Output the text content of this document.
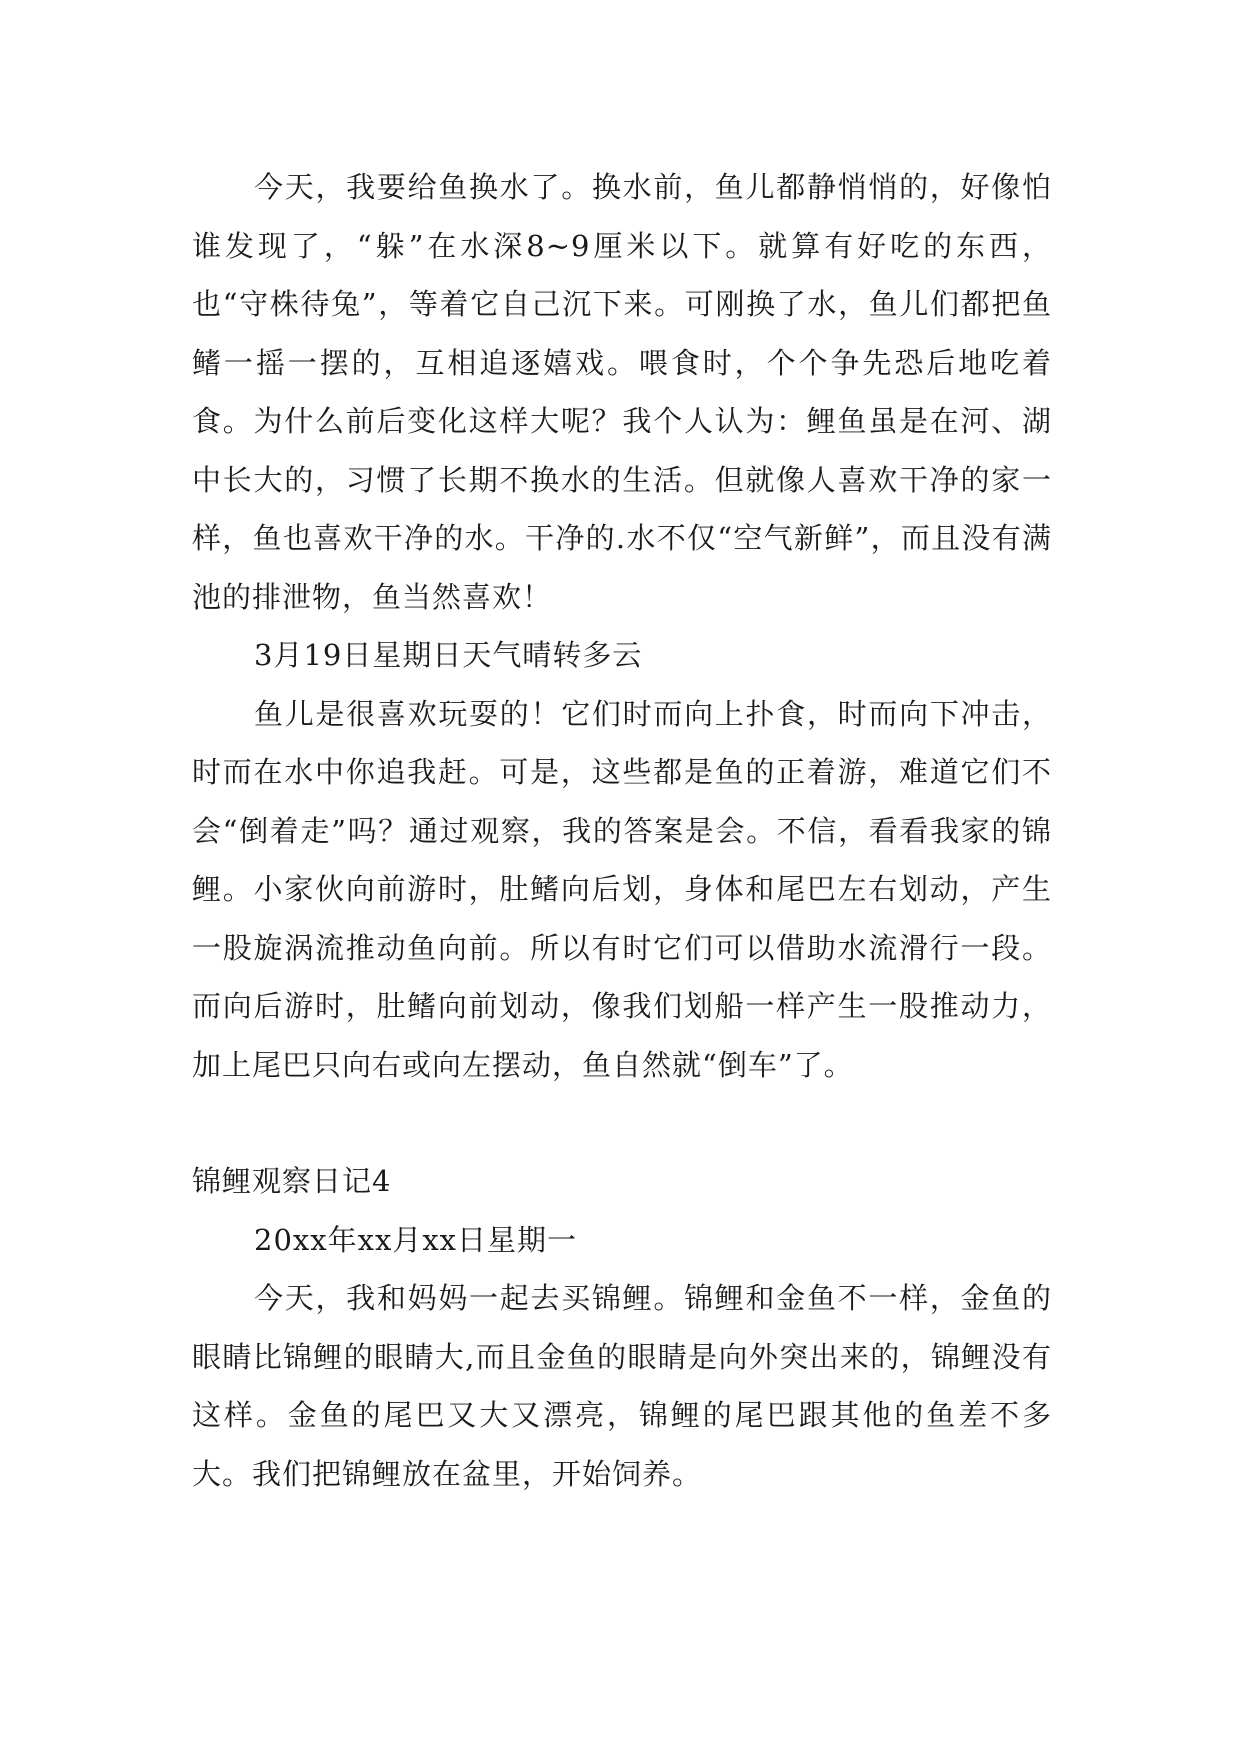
今天，我要给鱼换水了。换水前，鱼儿都静悄悄的，好像怕谁发现了，“躲”在水深8~9厘米以下。就算有好吃的东西，也“守株待兔”，等着它自己沉下来。可刚换了水，鱼儿们都把鱼鳍一摇一摆的，互相追逐嬉戏。喂食时，个个争先恐后地吃着食。为什么前后变化这样大呢？我个人认为：鲤鱼虽是在河、湖中长大的，习惯了长期不换水的生活。但就像人喜欢干净的家一样，鱼也喜欢干净的水。干净的.水不仅“空气新鲜”，而且没有满池的排泄物，鱼当然喜欢！

3月19日星期日天气晴转多云

鱼儿是很喜欢玩耍的！它们时而向上扑食，时而向下冲击，时而在水中你追我赶。可是，这些都是鱼的正着游，难道它们不会“倒着走”吗？通过观察，我的答案是会。不信，看看我家的锦鲤。小家伙向前游时，肚鳍向后划，身体和尾巴左右划动，产生一股旋涡流推动鱼向前。所以有时它们可以借助水流滑行一段。而向后游时，肚鳍向前划动，像我们划船一样产生一股推动力，加上尾巴只向右或向左摆动，鱼自然就“倒车”了。

锦鲤观察日记4

20xx年xx月xx日星期一

今天，我和妈妈一起去买锦鲤。锦鲤和金鱼不一样，金鱼的眼睛比锦鲤的眼睛大,而且金鱼的眼睛是向外突出来的，锦鲤没有这样。金鱼的尾巴又大又漂亮，锦鲤的尾巴跟其他的鱼差不多大。我们把锦鲤放在盆里，开始饲养。
